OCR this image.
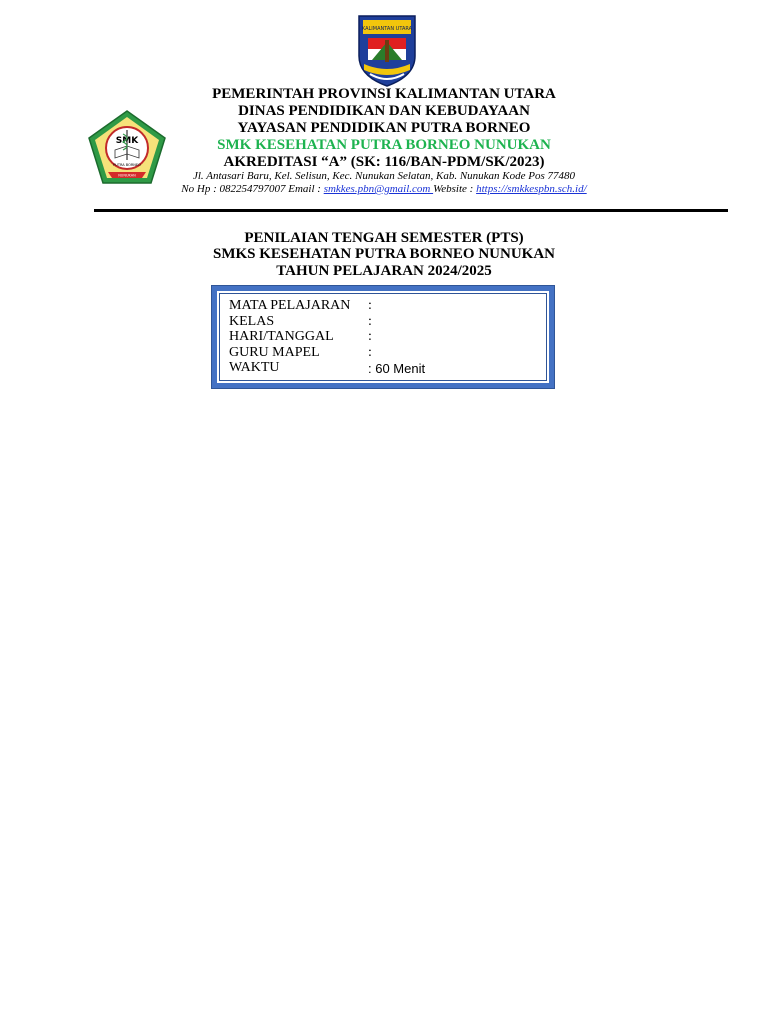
KALIMANTAN UTARA
SMK
PUTRA BORNEO
NUNUKAN
PEMERINTAH PROVINSI KALIMANTAN UTARA
DINAS PENDIDIKAN DAN KEBUDAYAAN
YAYASAN PENDIDIKAN PUTRA BORNEO
SMK KESEHATAN PUTRA BORNEO NUNUKAN
AKREDITASI “A” (SK: 116/BAN-PDM/SK/2023)
Jl. Antasari Baru, Kel. Selisun, Kec. Nunukan Selatan, Kab. Nunukan Kode Pos 77480
No Hp : 082254797007 Email : smkkes.pbn@gmail.com Website : https://smkkespbn.sch.id/
PENILAIAN TENGAH SEMESTER (PTS)
SMKS KESEHATAN PUTRA BORNEO NUNUKAN
TAHUN PELAJARAN 2024/2025
MATA PELAJARAN :
KELAS	:
HARI/TANGGAL :
GURU MAPEL	:
WAKTU	: 60 Menit
